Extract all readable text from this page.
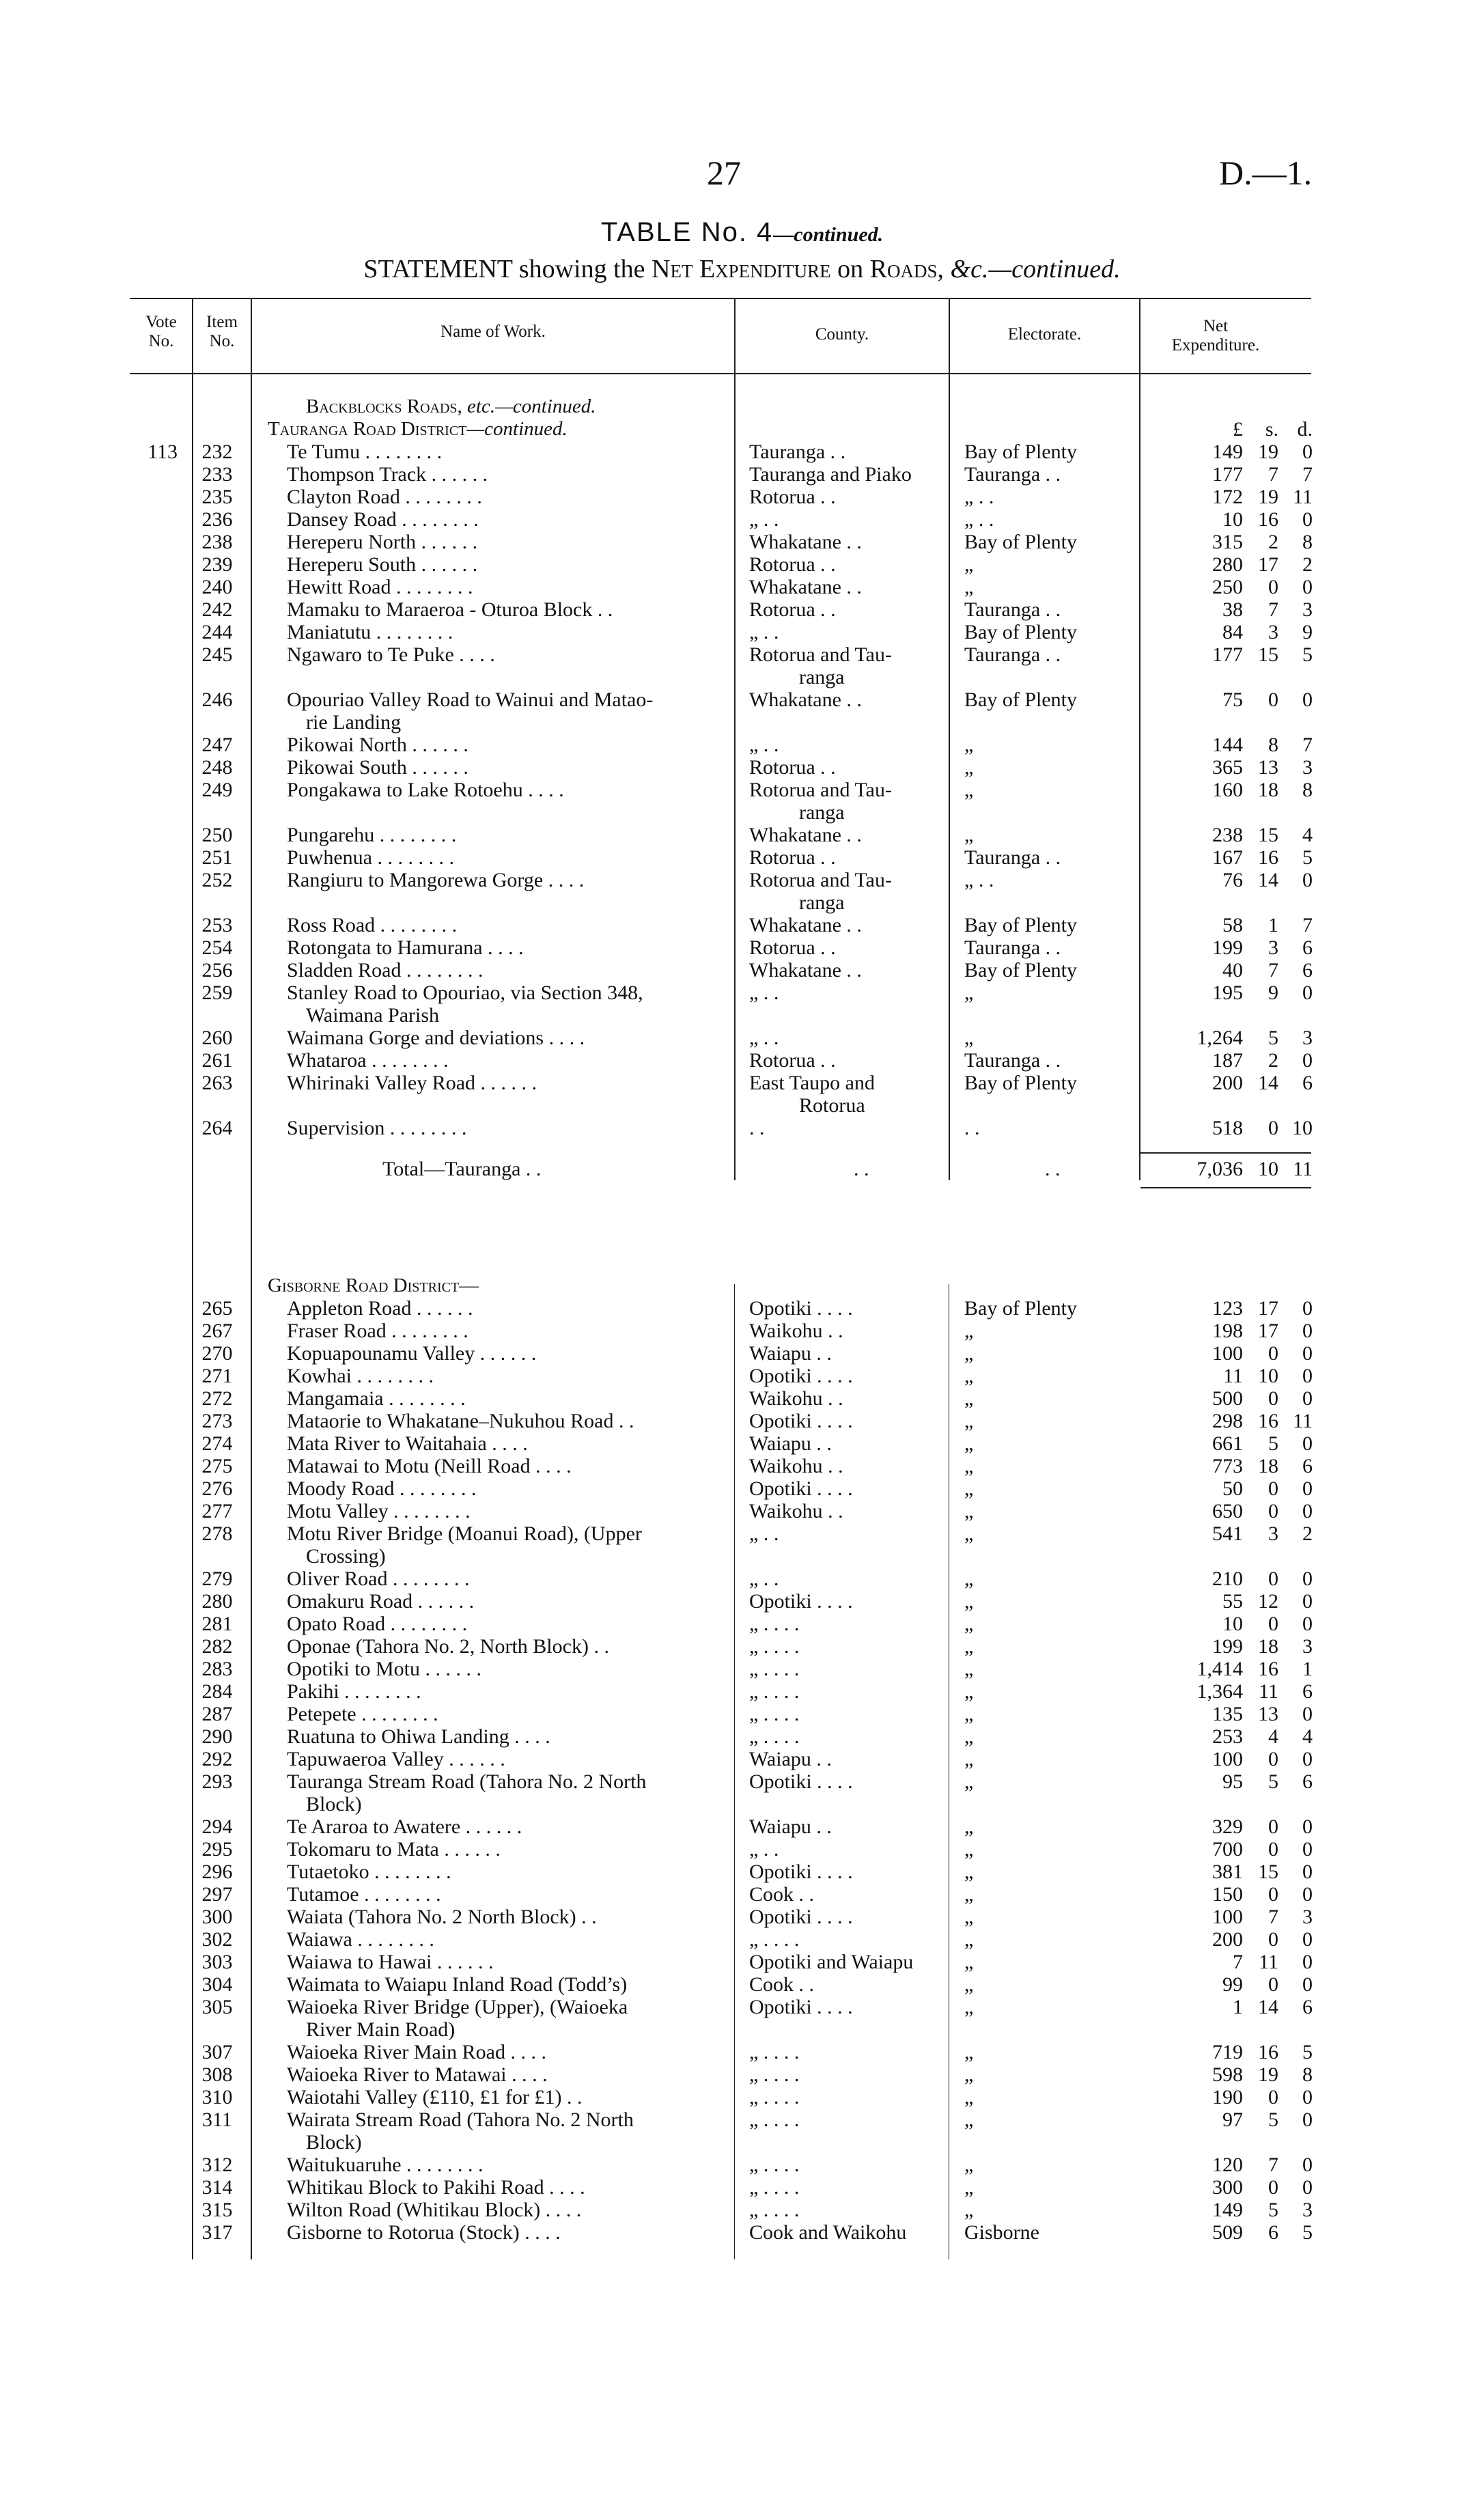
27	D.—1.
TABLE No. 4—continued.
STATEMENT showing the Net Expenditure on Roads, &c.—continued.
Vote No.
Item No.
Name of Work.	County.	Electorate.	Net Expenditure.
Backblocks Roads, etc.—continued.
Tauranga Road District—continued.	£	s. d.
113	232	Te Tumu . . . . . . . .	Tauranga . .	Bay of Plenty	149 19	0
233	Thompson Track . . . . . .	Tauranga and Piako	Tauranga . .	177	7	7
235	Clayton Road . . . . . . . .	Rotorua . .	„ . .	172 19 11
236	Dansey Road . . . . . . . .	„ . .	„ . .	10 16	0
238	Hereperu North . . . . . .	Whakatane . .	Bay of Plenty	315	2	8
239	Hereperu South . . . . . .	Rotorua . .	„	280 17	2
240	Hewitt Road . . . . . . . .	Whakatane . .	„	250	0	0
242	Mamaku to Maraeroa - Oturoa Block . .	Rotorua . .	Tauranga . .	38	7	3
244	Maniatutu . . . . . . . .	„ . .	Bay of Plenty	84	3	9
245	Ngawaro to Te Puke . . . .	Rotorua and Tau-	Tauranga . .	177 15	5
ranga
246	Opouriao Valley Road to Wainui and Matao-	Whakatane . .	Bay of Plenty	75	0	0
rie Landing
247	Pikowai North . . . . . .	„ . .	„	144	8	7
248	Pikowai South . . . . . .	Rotorua . .	„	365 13	3
249	Pongakawa to Lake Rotoehu . . . .	Rotorua and Tau-	„	160 18	8
ranga
250	Pungarehu . . . . . . . .	Whakatane . .	„	238 15	4
251	Puwhenua . . . . . . . .	Rotorua . .	Tauranga . .	167 16	5
252	Rangiuru to Mangorewa Gorge . . . .	Rotorua and Tau-	„ . .	76 14	0
ranga
253	Ross Road . . . . . . . .	Whakatane . .	Bay of Plenty	58	1	7
254	Rotongata to Hamurana . . . .	Rotorua . .	Tauranga . .	199	3	6
256	Sladden Road . . . . . . . .	Whakatane . .	Bay of Plenty	40	7	6
259	Stanley Road to Opouriao, via Section 348,	„ . .	„	195	9	0
Waimana Parish
260	Waimana Gorge and deviations . . . .	„ . .	„	1,264	5	3
261	Whataroa . . . . . . . .	Rotorua . .	Tauranga . .	187	2	0
263	Whirinaki Valley Road . . . . . .	East Taupo and	Bay of Plenty	200 14	6
Rotorua
264	Supervision . . . . . . . .	. .	. .	518	0 10
Total—Tauranga . .	. .	. .	7,036 10 11
Gisborne Road District—
265	Appleton Road . . . . . .	Opotiki . . . .	Bay of Plenty	123 17	0
267	Fraser Road . . . . . . . .	Waikohu . .	„	198 17	0
270	Kopuapounamu Valley . . . . . .	Waiapu . .	„	100	0	0
271	Kowhai . . . . . . . .	Opotiki . . . .	„	11 10	0
272	Mangamaia . . . . . . . .	Waikohu . .	„	500	0	0
273	Mataorie to Whakatane–Nukuhou Road . .	Opotiki . . . .	„	298 16 11
274	Mata River to Waitahaia . . . .	Waiapu . .	„	661	5	0
275	Matawai to Motu (Neill Road . . . .	Waikohu . .	„	773 18	6
276	Moody Road . . . . . . . .	Opotiki . . . .	„	50	0	0
277	Motu Valley . . . . . . . .	Waikohu . .	„	650	0	0
278	Motu River Bridge (Moanui Road), (Upper	„ . .	„	541	3	2
Crossing)
279	Oliver Road . . . . . . . .	„ . .	„	210	0	0
280	Omakuru Road . . . . . .	Opotiki . . . .	„	55 12	0
281	Opato Road . . . . . . . .	„ . . . .	„	10	0	0
282	Oponae (Tahora No. 2, North Block) . .	„ . . . .	„	199 18	3
283	Opotiki to Motu . . . . . .	„ . . . .	„	1,414 16	1
284	Pakihi . . . . . . . .	„ . . . .	„	1,364 11	6
287	Petepete . . . . . . . .	„ . . . .	„	135 13	0
290	Ruatuna to Ohiwa Landing . . . .	„ . . . .	„	253	4	4
292	Tapuwaeroa Valley . . . . . .	Waiapu . .	„	100	0	0
293	Tauranga Stream Road (Tahora No. 2 North	Opotiki . . . .	„	95	5	6
Block)
294	Te Araroa to Awatere . . . . . .	Waiapu . .	„	329	0	0
295	Tokomaru to Mata . . . . . .	„ . .	„	700	0	0
296	Tutaetoko . . . . . . . .	Opotiki . . . .	„	381 15	0
297	Tutamoe . . . . . . . .	Cook . .	„	150	0	0
300	Waiata (Tahora No. 2 North Block) . .	Opotiki . . . .	„	100	7	3
302	Waiawa . . . . . . . .	„ . . . .	„	200	0	0
303	Waiawa to Hawai . . . . . .	Opotiki and Waiapu „	7 11	0
304	Waimata to Waiapu Inland Road (Todd’s)	Cook . .	„	99	0	0
305	Waioeka River Bridge (Upper), (Waioeka	Opotiki . . . .	„	1 14	6
River Main Road)
307	Waioeka River Main Road . . . .	„ . . . .	„	719 16	5
308	Waioeka River to Matawai . . . .	„ . . . .	„	598 19	8
310	Waiotahi Valley (£110, £1 for £1) . .	„ . . . .	„	190	0	0
311	Wairata Stream Road (Tahora No. 2 North	„ . . . .	„	97	5	0
Block)
312	Waitukuaruhe . . . . . . . .	„ . . . .	„	120	7	0
314	Whitikau Block to Pakihi Road . . . .	„ . . . .	„	300	0	0
315	Wilton Road (Whitikau Block) . . . .	„ . . . .	„	149	5	3
317	Gisborne to Rotorua (Stock) . . . .	Cook and Waikohu	Gisborne	509	6	5
